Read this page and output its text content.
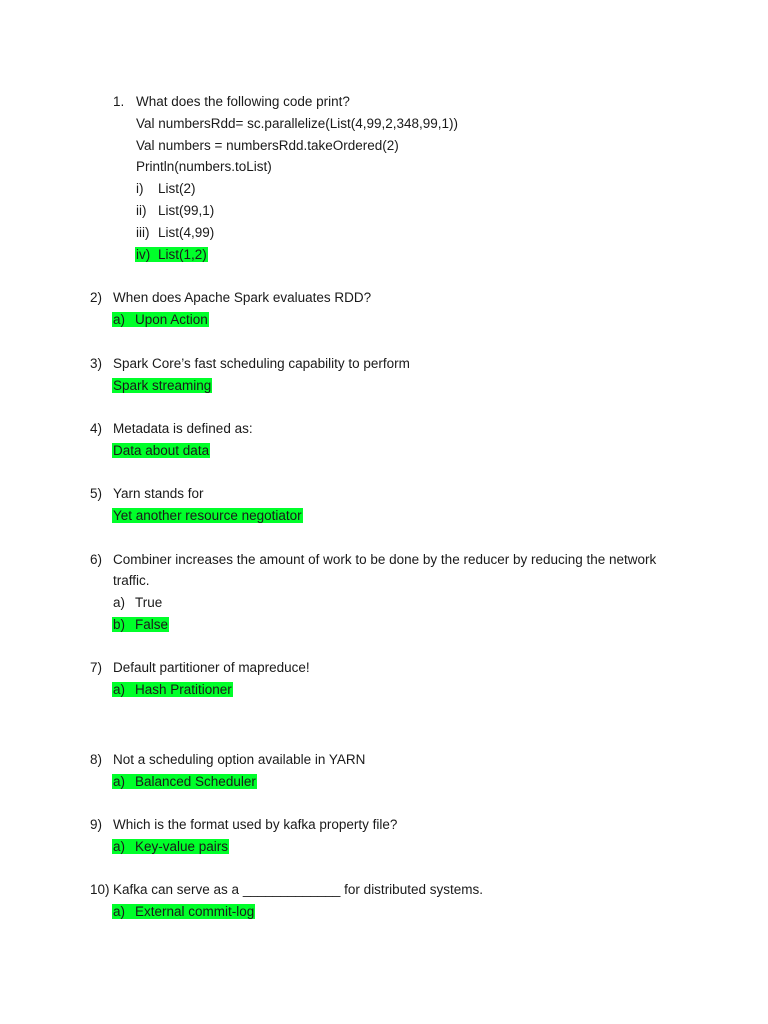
1. What does the following code print?
Val numbersRdd= sc.parallelize(List(4,99,2,348,99,1))
Val numbers = numbersRdd.takeOrdered(2)
Println(numbers.toList)
i) List(2)
ii) List(99,1)
iii) List(4,99)
iv) List(1,2)
2) When does Apache Spark evaluates RDD?
a) Upon Action
3) Spark Core’s fast scheduling capability to perform
Spark streaming
4) Metadata is defined as:
Data about data
5) Yarn stands for
Yet another resource negotiator
6) Combiner increases the amount of work to be done by the reducer by reducing the network
traffic.
a) True
b) False
7) Default partitioner of mapreduce!
a) Hash Pratitioner
8) Not a scheduling option available in YARN
a) Balanced Scheduler
9) Which is the format used by kafka property file?
a) Key-value pairs
10) Kafka can serve as a _____________ for distributed systems.
a) External commit-log
